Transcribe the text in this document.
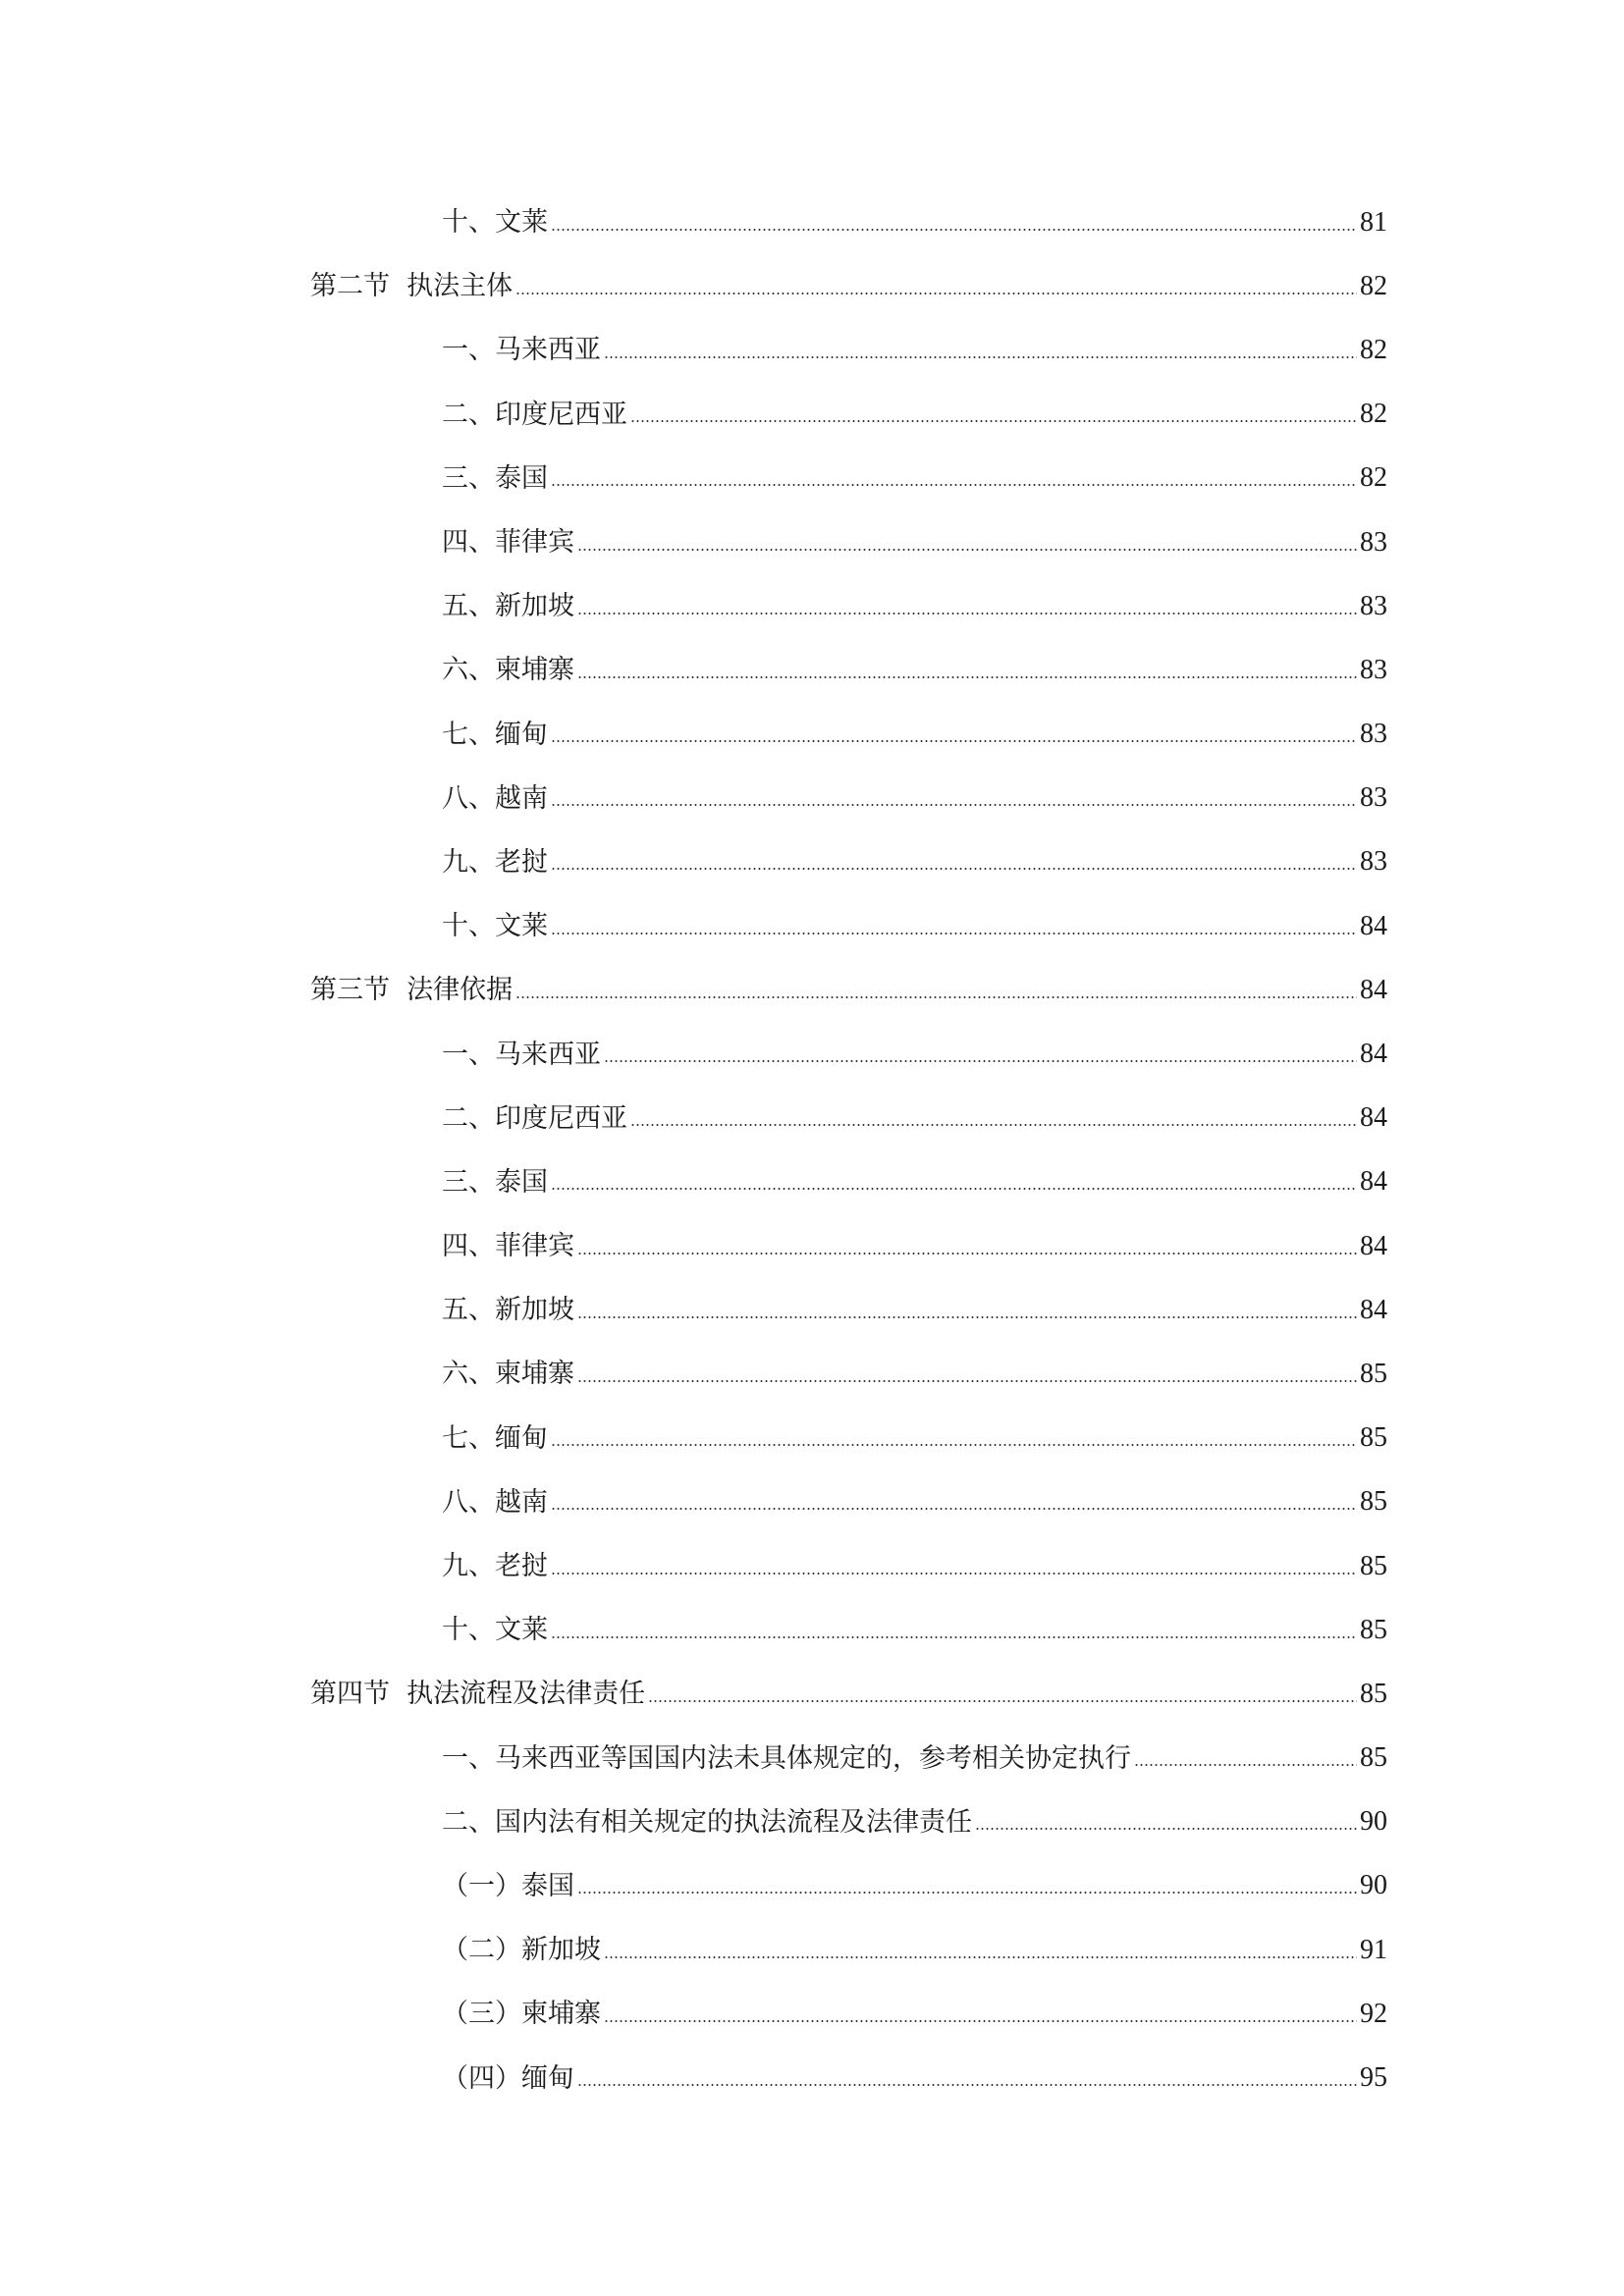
十、文莱	81
第二节  执法主体	82
一、马来西亚	82
二、印度尼西亚	82
三、泰国	82
四、菲律宾	83
五、新加坡	83
六、柬埔寨	83
七、缅甸	83
八、越南	83
九、老挝	83
十、文莱	84
第三节  法律依据	84
一、马来西亚	84
二、印度尼西亚	84
三、泰国	84
四、菲律宾	84
五、新加坡	84
六、柬埔寨	85
七、缅甸	85
八、越南	85
九、老挝	85
十、文莱	85
第四节  执法流程及法律责任	85
一、马来西亚等国国内法未具体规定的，参考相关协定执行	85
二、国内法有相关规定的执法流程及法律责任	90
（一）泰国	90
（二）新加坡	91
（三）柬埔寨	92
（四）缅甸	95
